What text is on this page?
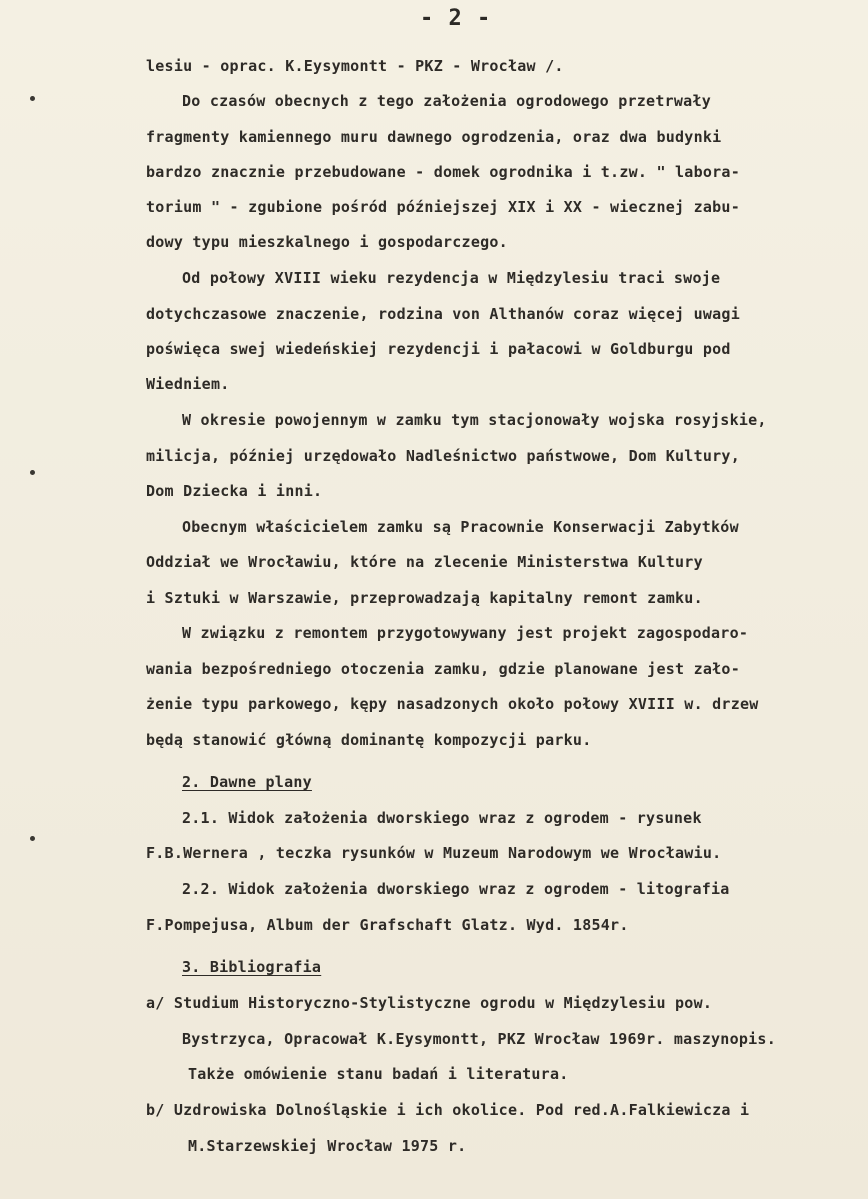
- 2 -
lesiu - oprac. K.Eysymontt - PKZ - Wrocław /.
Do czasów obecnych z tego założenia ogrodowego przetrwały
fragmenty kamiennego muru dawnego ogrodzenia, oraz dwa budynki
bardzo znacznie przebudowane - domek ogrodnika i t.zw. " labora-
torium " - zgubione pośród późniejszej XIX i XX - wiecznej zabu-
dowy typu mieszkalnego i gospodarczego.
Od połowy XVIII wieku rezydencja w Międzylesiu traci swoje
dotychczasowe znaczenie, rodzina von Althanów coraz więcej uwagi
poświęca swej wiedeńskiej rezydencji i pałacowi w Goldburgu pod
Wiedniem.
W okresie powojennym w zamku tym stacjonowały wojska rosyjskie,
milicja, później urzędowało Nadleśnictwo państwowe, Dom Kultury,
Dom Dziecka i inni.
Obecnym właścicielem zamku są Pracownie Konserwacji Zabytków
Oddział we Wrocławiu, które na zlecenie Ministerstwa Kultury
i Sztuki w Warszawie, przeprowadzają kapitalny remont zamku.
W związku z remontem przygotowywany jest projekt zagospodaro-
wania bezpośredniego otoczenia zamku, gdzie planowane jest zało-
żenie typu parkowego, kępy nasadzonych około połowy XVIII w. drzew
będą stanowić główną dominantę kompozycji parku.
2. Dawne plany
2.1. Widok założenia dworskiego wraz z ogrodem - rysunek
F.B.Wernera , teczka rysunków w Muzeum Narodowym we Wrocławiu.
2.2. Widok założenia dworskiego wraz z ogrodem - litografia
F.Pompejusa, Album der Grafschaft Glatz. Wyd. 1854r.
3. Bibliografia
a/ Studium Historyczno-Stylistyczne ogrodu w Międzylesiu pow.
Bystrzyca, Opracował K.Eysymontt, PKZ Wrocław 1969r. maszynopis.
Także omówienie stanu badań i literatura.
b/ Uzdrowiska Dolnośląskie i ich okolice. Pod red.A.Falkiewicza i
M.Starzewskiej Wrocław 1975 r.
